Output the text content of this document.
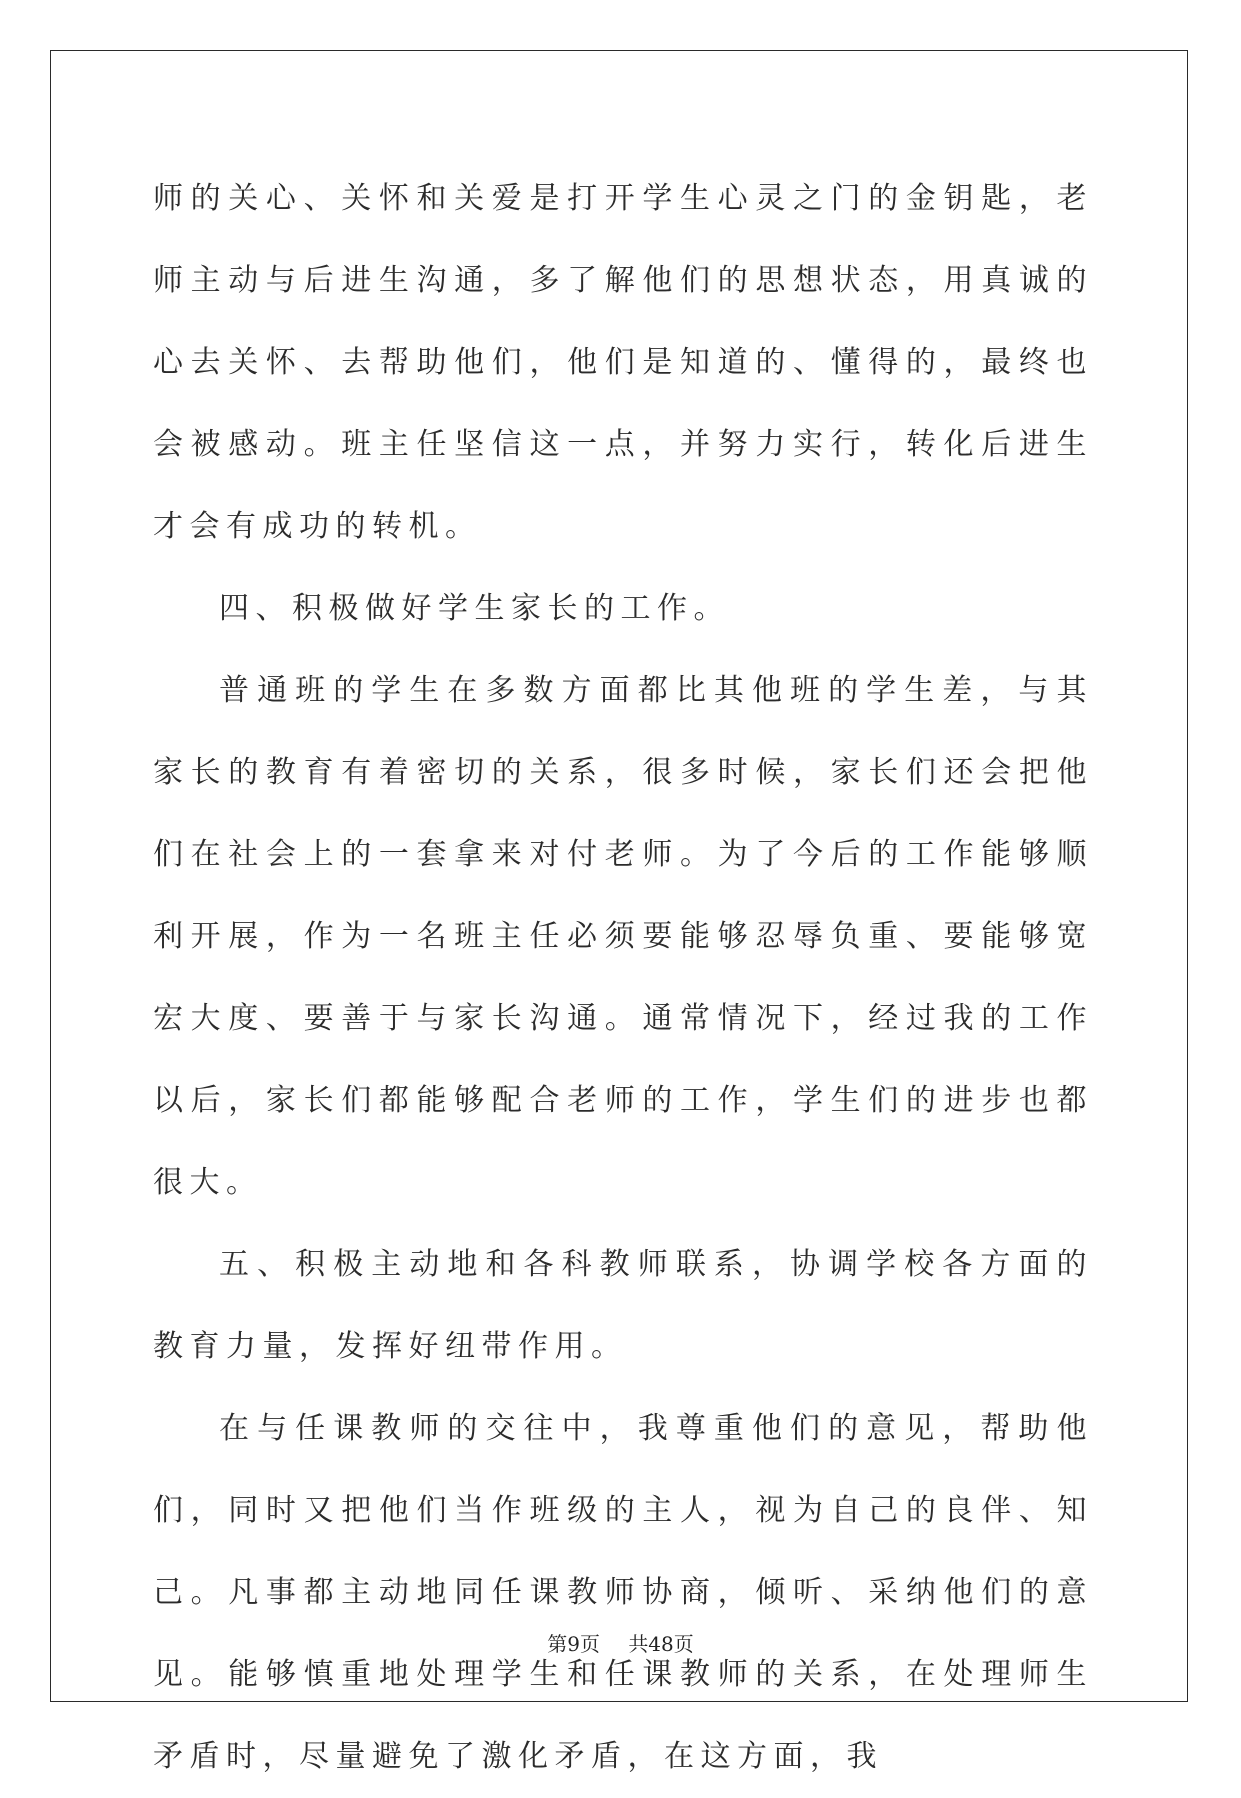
师的关心、关怀和关爱是打开学生心灵之门的金钥匙，老师主动与后进生沟通，多了解他们的思想状态，用真诚的心去关怀、去帮助他们，他们是知道的、懂得的，最终也会被感动。班主任坚信这一点，并努力实行，转化后进生才会有成功的转机。

四、积极做好学生家长的工作。

普通班的学生在多数方面都比其他班的学生差，与其家长的教育有着密切的关系，很多时候，家长们还会把他们在社会上的一套拿来对付老师。为了今后的工作能够顺利开展，作为一名班主任必须要能够忍辱负重、要能够宽宏大度、要善于与家长沟通。通常情况下，经过我的工作以后，家长们都能够配合老师的工作，学生们的进步也都很大。

五、积极主动地和各科教师联系，协调学校各方面的教育力量，发挥好纽带作用。

在与任课教师的交往中，我尊重他们的意见，帮助他们，同时又把他们当作班级的主人，视为自己的良伴、知己。凡事都主动地同任课教师协商，倾听、采纳他们的意见。能够慎重地处理学生和任课教师的关系，在处理师生矛盾时，尽量避免了激化矛盾，在这方面，我

第9页 共48页
